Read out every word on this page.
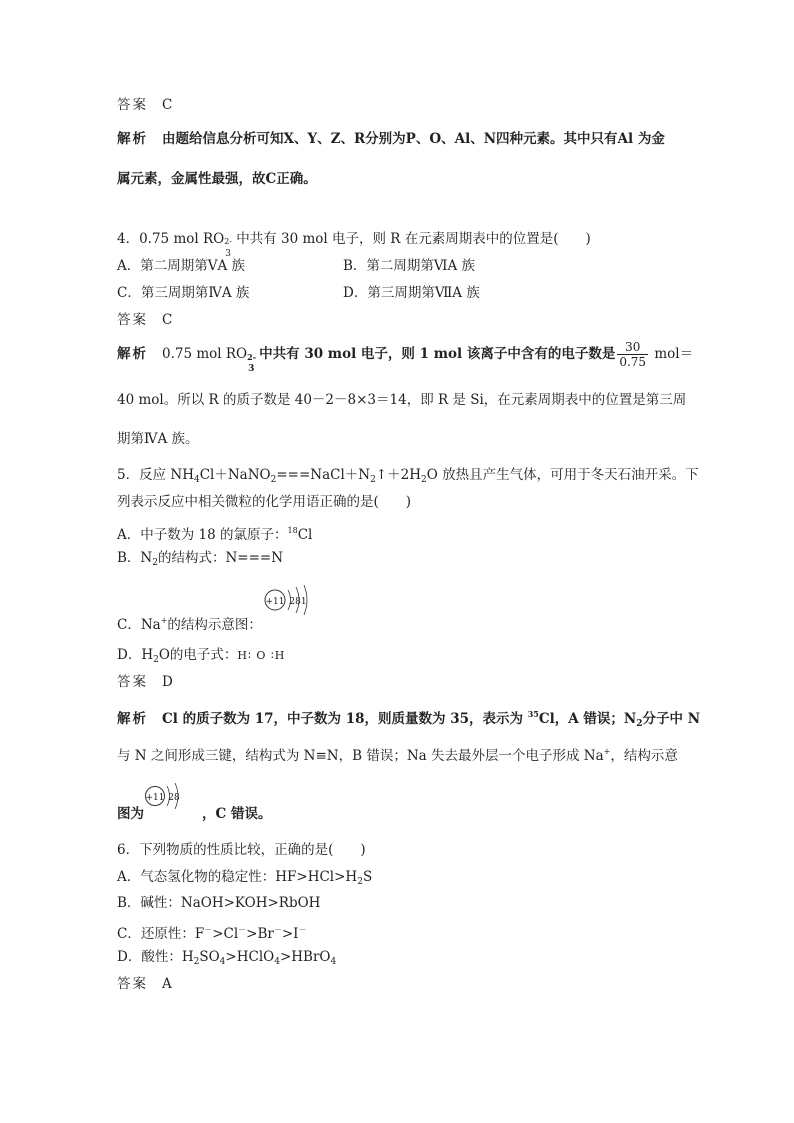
答案 C
解析 由题给信息分析可知X、Y、Z、R分别为P、O、Al、N四种元素。其中只有Al 为金
属元素，金属性最强，故C正确。
4．0.75 mol RO 2-
3
中共有 30 mol 电子，则 R 在元素周期表中的位置是(　　)
A．第二周期第ⅤA 族	B．第二周期第ⅥA 族
C．第三周期第ⅣA 族	D．第三周期第ⅦA 族
答案 C
解析 0.75 mol RO 2-
3
中共有 30 mol 电子，则 1 mol 该离子中含有的电子数是 $\frac{30}{0.75} mol=$
40 mol。所以 R 的质子数是 40－2－8×3＝14，即 R 是 Si，在元素周期表中的位置是第三周
期第ⅣA 族。
5．反应 $NH_4Cl+NaNO_2===NaCl+N_2↑+2H_2O$ 放热且产生气体，可用于冬天石油开采。下
列表示反应中相关微粒的化学用语正确的是(　　)
A．中子数为 18 的氯原子：$^{18}$Cl
B．$N_2$的结构式：N===N
C．Na+的结构示意图：
+11 281
D．$H_2O$的电子式：H∶ O ∶H
答案 D
解析 Cl 的质子数为 17，中子数为 18，则质量数为 35，表示为 $^{35}$Cl，A 错误；$N_2$分子中 N
与 N 之间形成三键，结构式为 N≡N，B 错误；Na 失去最外层一个电子形成 Na+，结构示意
图为	，C 错误。
+11 28
6．下列物质的性质比较，正确的是(　　)
A．气态氢化物的稳定性：$HF>HCl>H_2S$
B．碱性：NaOH>KOH>RbOH
C．还原性：F－>Cl－>Br－>I－
D．酸性：$H_2SO_4>HClO_4>HBrO_4$
答案 A
